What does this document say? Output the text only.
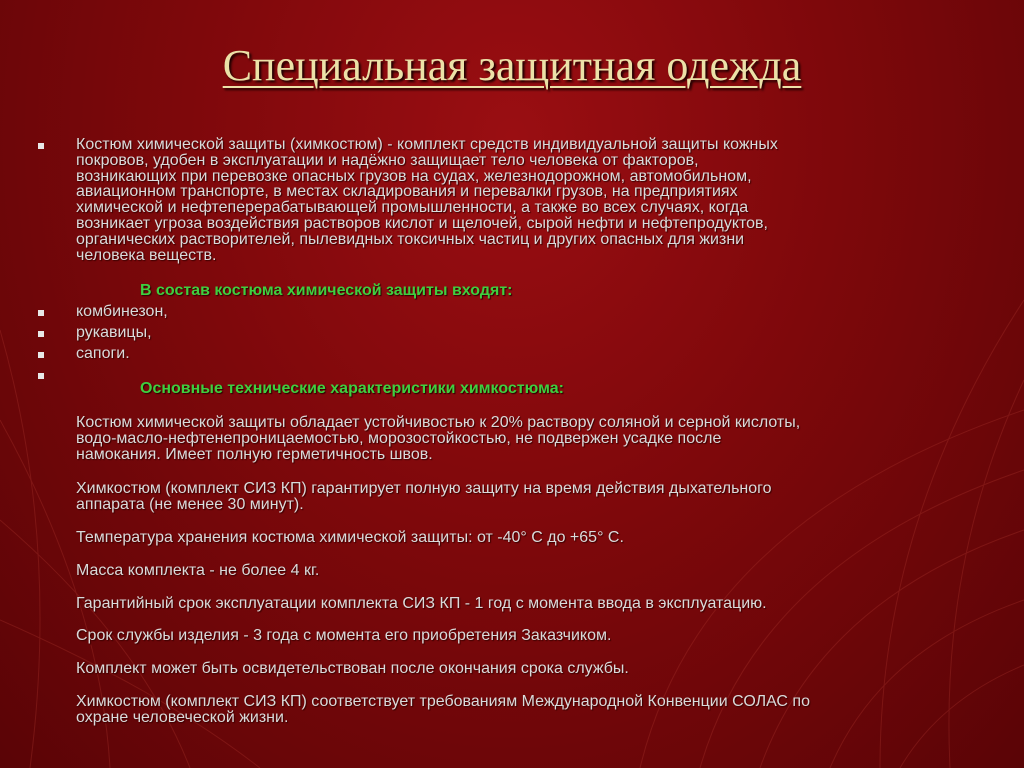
Специальная защитная одежда

Костюм химической защиты (химкостюм) - комплект средств индивидуальной защиты кожных
покровов, удобен в эксплуатации и надёжно защищает тело человека от факторов,
возникающих при перевозке опасных грузов на судах, железнодорожном, автомобильном,
авиационном транспорте, в местах складирования и перевалки грузов, на предприятиях
химической и нефтеперерабатывающей промышленности, а также во всех случаях, когда
возникает угроза воздействия растворов кислот и щелочей, сырой нефти и нефтепродуктов,
органических растворителей, пылевидных токсичных частиц и других опасных для жизни
человека веществ.

В состав костюма химической защиты входят:

комбинезон,

рукавицы,

сапоги.

Основные технические характеристики химкостюма:

Костюм химической защиты обладает устойчивостью к 20% раствору соляной и серной кислоты,
водо-масло-нефтенепроницаемостью, морозостойкостью, не подвержен усадке после
намокания. Имеет полную герметичность швов.

Химкостюм (комплект СИЗ КП) гарантирует полную защиту на время действия дыхательного
аппарата (не менее 30 минут).

Температура хранения костюма химической защиты: от -40° С до +65° С.

Масса комплекта - не более 4 кг.

Гарантийный срок эксплуатации комплекта СИЗ КП - 1 год с момента ввода в эксплуатацию.

Срок службы изделия - 3 года с момента его приобретения Заказчиком.

Комплект может быть освидетельствован после окончания срока службы.

Химкостюм (комплект СИЗ КП) соответствует требованиям Международной Конвенции СОЛАС по
охране человеческой жизни.
